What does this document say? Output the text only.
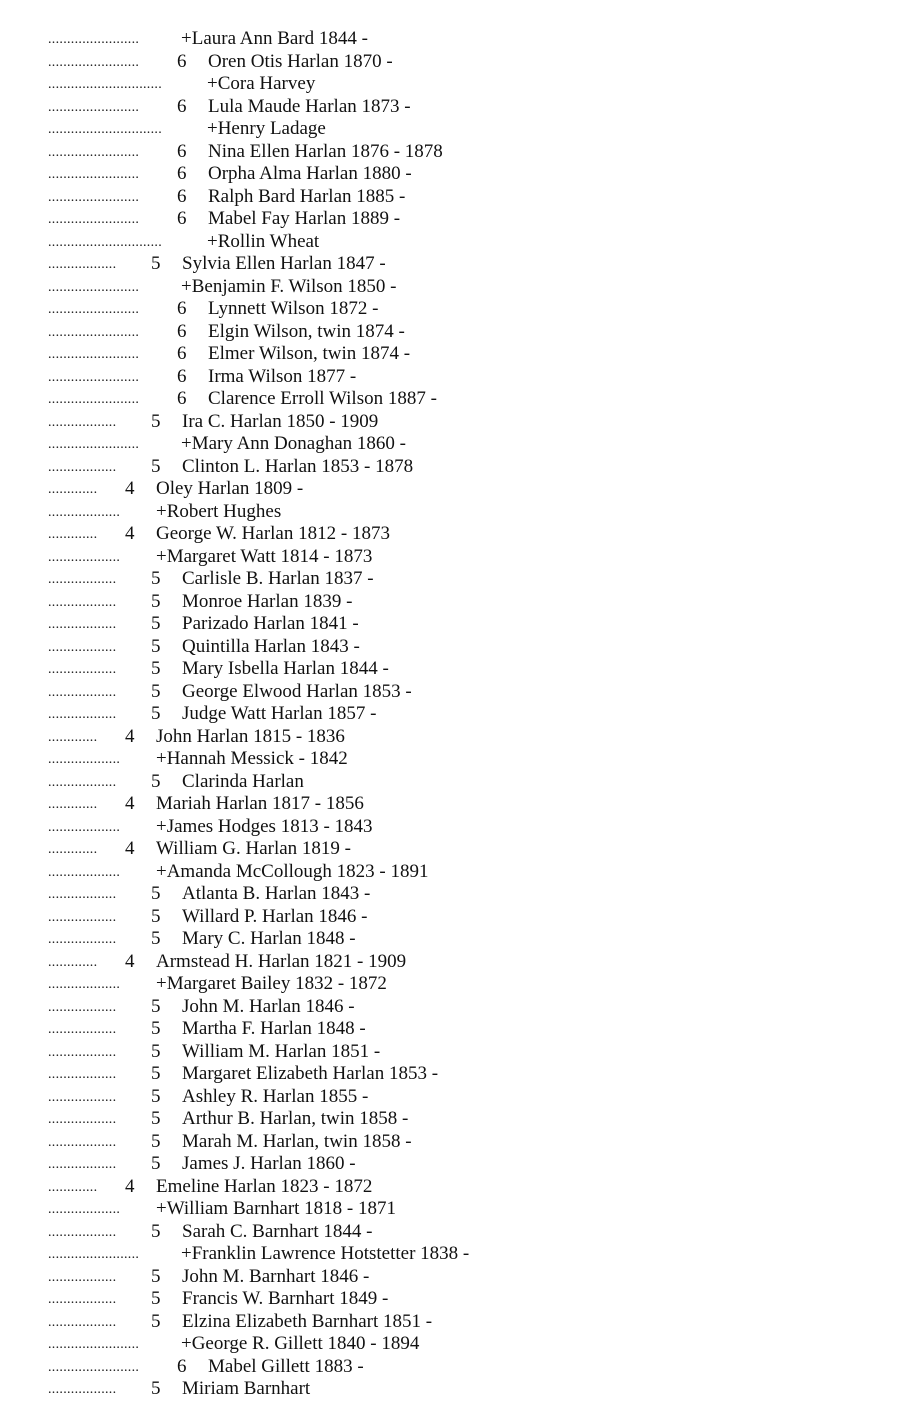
........................ +Laura Ann Bard 1844 -
........................ 6 Oren Otis Harlan 1870 -
.............................. +Cora Harvey
........................ 6 Lula Maude Harlan 1873 -
.............................. +Henry Ladage
........................ 6 Nina Ellen Harlan 1876 - 1878
........................ 6 Orpha Alma Harlan 1880 -
........................ 6 Ralph Bard Harlan 1885 -
........................ 6 Mabel Fay Harlan 1889 -
.............................. +Rollin Wheat
.................. 5 Sylvia Ellen Harlan 1847 -
........................ +Benjamin F. Wilson 1850 -
........................ 6 Lynnett Wilson 1872 -
........................ 6 Elgin Wilson, twin 1874 -
........................ 6 Elmer Wilson, twin 1874 -
........................ 6 Irma Wilson 1877 -
........................ 6 Clarence Erroll Wilson 1887 -
.................. 5 Ira C. Harlan 1850 - 1909
........................ +Mary Ann Donaghan 1860 -
.................. 5 Clinton L. Harlan 1853 - 1878
............. 4 Oley Harlan 1809 -
................... +Robert Hughes
............. 4 George W. Harlan 1812 - 1873
................... +Margaret Watt 1814 - 1873
.................. 5 Carlisle B. Harlan 1837 -
.................. 5 Monroe Harlan 1839 -
.................. 5 Parizado Harlan 1841 -
.................. 5 Quintilla Harlan 1843 -
.................. 5 Mary Isbella Harlan 1844 -
.................. 5 George Elwood Harlan 1853 -
.................. 5 Judge Watt Harlan 1857 -
............. 4 John Harlan 1815 - 1836
................... +Hannah Messick - 1842
.................. 5 Clarinda Harlan
............. 4 Mariah Harlan 1817 - 1856
................... +James Hodges 1813 - 1843
............. 4 William G. Harlan 1819 -
................... +Amanda McCollough 1823 - 1891
.................. 5 Atlanta B. Harlan 1843 -
.................. 5 Willard P. Harlan 1846 -
.................. 5 Mary C. Harlan 1848 -
............. 4 Armstead H. Harlan 1821 - 1909
................... +Margaret Bailey 1832 - 1872
.................. 5 John M. Harlan 1846 -
.................. 5 Martha F. Harlan 1848 -
.................. 5 William M. Harlan 1851 -
.................. 5 Margaret Elizabeth Harlan 1853 -
.................. 5 Ashley R. Harlan 1855 -
.................. 5 Arthur B. Harlan, twin 1858 -
.................. 5 Marah M. Harlan, twin 1858 -
.................. 5 James J. Harlan 1860 -
............. 4 Emeline Harlan 1823 - 1872
................... +William Barnhart 1818 - 1871
.................. 5 Sarah C. Barnhart 1844 -
........................ +Franklin Lawrence Hotstetter 1838 -
.................. 5 John M. Barnhart 1846 -
.................. 5 Francis W. Barnhart 1849 -
.................. 5 Elzina Elizabeth Barnhart 1851 -
........................ +George R. Gillett 1840 - 1894
........................ 6 Mabel Gillett 1883 -
.................. 5 Miriam Barnhart
